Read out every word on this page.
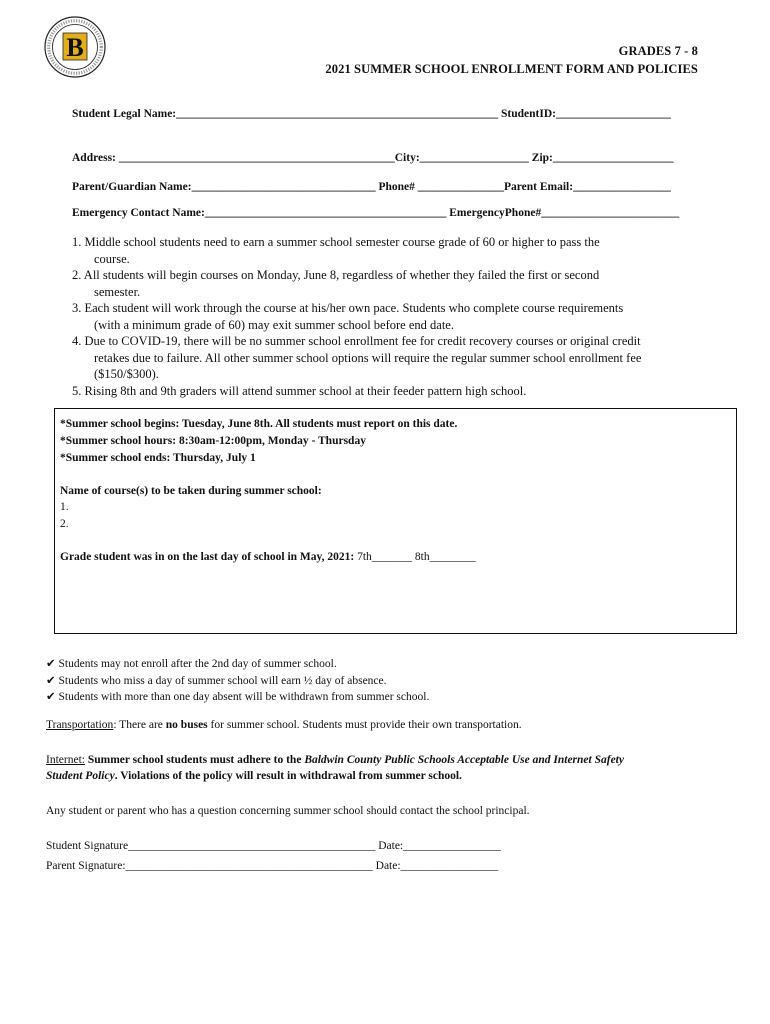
B	GRADES 7 - 8
2021 SUMMER SCHOOL ENROLLMENT FORM AND POLICIES
Student Legal Name:________________________________________________________ StudentID:____________________
Address: ________________________________________________City:___________________ Zip:_____________________
Parent/Guardian Name:________________________________ Phone# _______________Parent Email:_________________
Emergency Contact Name:__________________________________________ EmergencyPhone#________________________
1. Middle school students need to earn a summer school semester course grade of 60 or higher to pass the
course.
2. All students will begin courses on Monday, June 8, regardless of whether they failed the first or second
semester.
3. Each student will work through the course at his/her own pace. Students who complete course requirements
(with a minimum grade of 60) may exit summer school before end date.
4. Due to COVID-19, there will be no summer school enrollment fee for credit recovery courses or original credit
retakes due to failure. All other summer school options will require the regular summer school enrollment fee
($150/$300).
5. Rising 8th and 9th graders will attend summer school at their feeder pattern high school.
*Summer school begins: Tuesday, June 8th. All students must report on this date.
*Summer school hours: 8:30am-12:00pm, Monday - Thursday
*Summer school ends: Thursday, July 1
Name of course(s) to be taken during summer school:
1.
2.
Grade student was in on the last day of school in May, 2021: 7th_______ 8th________
✔ Students may not enroll after the 2nd day of summer school.
✔ Students who miss a day of summer school will earn ½ day of absence.
✔ Students with more than one day absent will be withdrawn from summer school.
Transportation: There are no buses for summer school. Students must provide their own transportation.
Internet: Summer school students must adhere to the Baldwin County Public Schools Acceptable Use and Internet Safety
Student Policy. Violations of the policy will result in withdrawal from summer school.
Any student or parent who has a question concerning summer school should contact the school principal.
Student Signature___________________________________________ Date:_________________
Parent Signature:___________________________________________ Date:_________________
